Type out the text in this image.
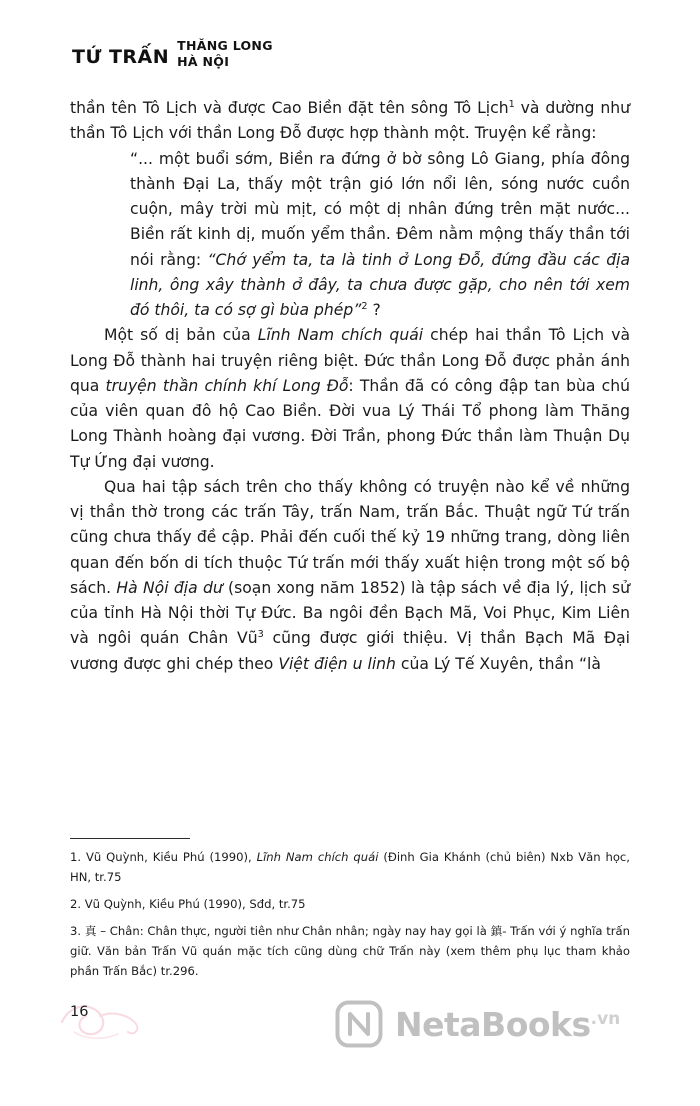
TỨ TRẤN
THĂNG LONG
HÀ NỘI

thần tên Tô Lịch và được Cao Biền đặt tên sông Tô Lịch$^1$ và dường như thần Tô Lịch với thần Long Đỗ được hợp thành một. Truyện kể rằng:

“... một buổi sớm, Biền ra đứng ở bờ sông Lô Giang, phía đông thành Đại La, thấy một trận gió lớn nổi lên, sóng nước cuồn cuộn, mây trời mù mịt, có một dị nhân đứng trên mặt nước... Biền rất kinh dị, muốn yểm thần. Đêm nằm mộng thấy thần tới nói rằng: “Chớ yểm ta, ta là tinh ở Long Đỗ, đứng đầu các địa linh, ông xây thành ở đây, ta chưa được gặp, cho nên tới xem đó thôi, ta có sợ gì bùa phép”$^2$ ?

Một số dị bản của Lĩnh Nam chích quái chép hai thần Tô Lịch và Long Đỗ thành hai truyện riêng biệt. Đức thần Long Đỗ được phản ánh qua truyện thần chính khí Long Đỗ: Thần đã có công đập tan bùa chú của viên quan đô hộ Cao Biền. Đời vua Lý Thái Tổ phong làm Thăng Long Thành hoàng đại vương. Đời Trần, phong Đức thần làm Thuận Dụ Tự Ứng đại vương.

Qua hai tập sách trên cho thấy không có truyện nào kể về những vị thần thờ trong các trấn Tây, trấn Nam, trấn Bắc. Thuật ngữ Tứ trấn cũng chưa thấy đề cập. Phải đến cuối thế kỷ 19 những trang, dòng liên quan đến bốn di tích thuộc Tứ trấn mới thấy xuất hiện trong một số bộ sách. Hà Nội địa dư (soạn xong năm 1852) là tập sách về địa lý, lịch sử của tỉnh Hà Nội thời Tự Đức. Ba ngôi đền Bạch Mã, Voi Phục, Kim Liên và ngôi quán Chân $Vũ^3$ cũng được giới thiệu. Vị thần Bạch Mã Đại vương được ghi chép theo Việt điện u linh của Lý Tế Xuyên, thần “là

1. Vũ Quỳnh, Kiều Phú (1990), Lĩnh Nam chích quái (Đinh Gia Khánh (chủ biên) Nxb Văn học, HN, tr.75

2. Vũ Quỳnh, Kiều Phú (1990), Sđd, tr.75

3. 真 – Chân: Chân thực, người tiên như Chân nhân; ngày nay hay gọi là 鎮- Trấn với ý nghĩa trấn giữ. Văn bản Trấn Vũ quán mặc tích cũng dùng chữ Trấn này (xem thêm phụ lục tham khảo phần Trấn Bắc) tr.296.

16	NetaBooks$^{.vn}$
